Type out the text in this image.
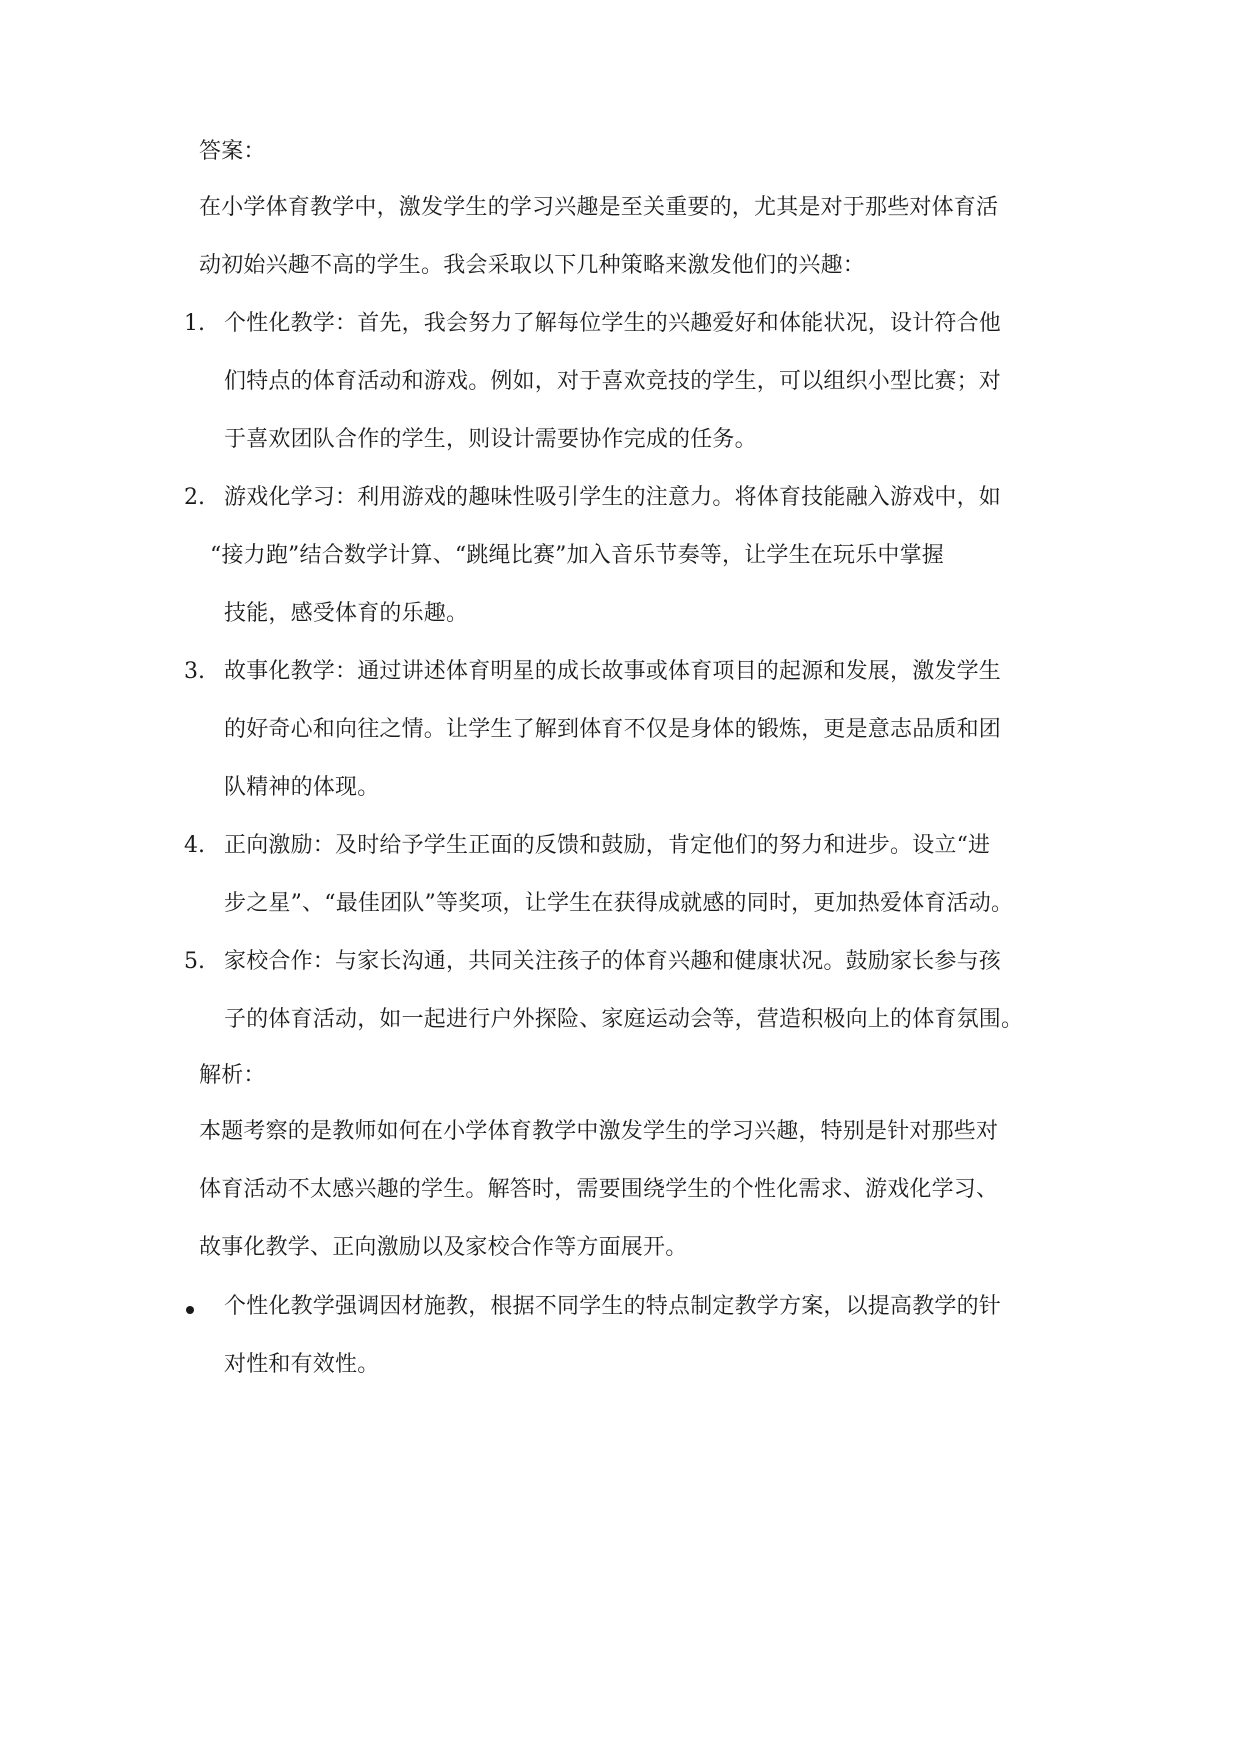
答案：
在小学体育教学中，激发学生的学习兴趣是至关重要的，尤其是对于那些对体育活
动初始兴趣不高的学生。我会采取以下几种策略来激发他们的兴趣：
1. 个性化教学：首先，我会努力了解每位学生的兴趣爱好和体能状况，设计符合他
们特点的体育活动和游戏。例如，对于喜欢竞技的学生，可以组织小型比赛；对
于喜欢团队合作的学生，则设计需要协作完成的任务。
2. 游戏化学习：利用游戏的趣味性吸引学生的注意力。将体育技能融入游戏中，如
“接力跑”结合数学计算、“跳绳比赛”加入音乐节奏等，让学生在玩乐中掌握
技能，感受体育的乐趣。
3. 故事化教学：通过讲述体育明星的成长故事或体育项目的起源和发展，激发学生
的好奇心和向往之情。让学生了解到体育不仅是身体的锻炼，更是意志品质和团
队精神的体现。
4. 正向激励：及时给予学生正面的反馈和鼓励，肯定他们的努力和进步。设立“进
步之星”、“最佳团队”等奖项，让学生在获得成就感的同时，更加热爱体育活动。
5. 家校合作：与家长沟通，共同关注孩子的体育兴趣和健康状况。鼓励家长参与孩
子的体育活动，如一起进行户外探险、家庭运动会等，营造积极向上的体育氛围。
解析：
本题考察的是教师如何在小学体育教学中激发学生的学习兴趣，特别是针对那些对
体育活动不太感兴趣的学生。解答时，需要围绕学生的个性化需求、游戏化学习、
故事化教学、正向激励以及家校合作等方面展开。
个性化教学强调因材施教，根据不同学生的特点制定教学方案，以提高教学的针
对性和有效性。
